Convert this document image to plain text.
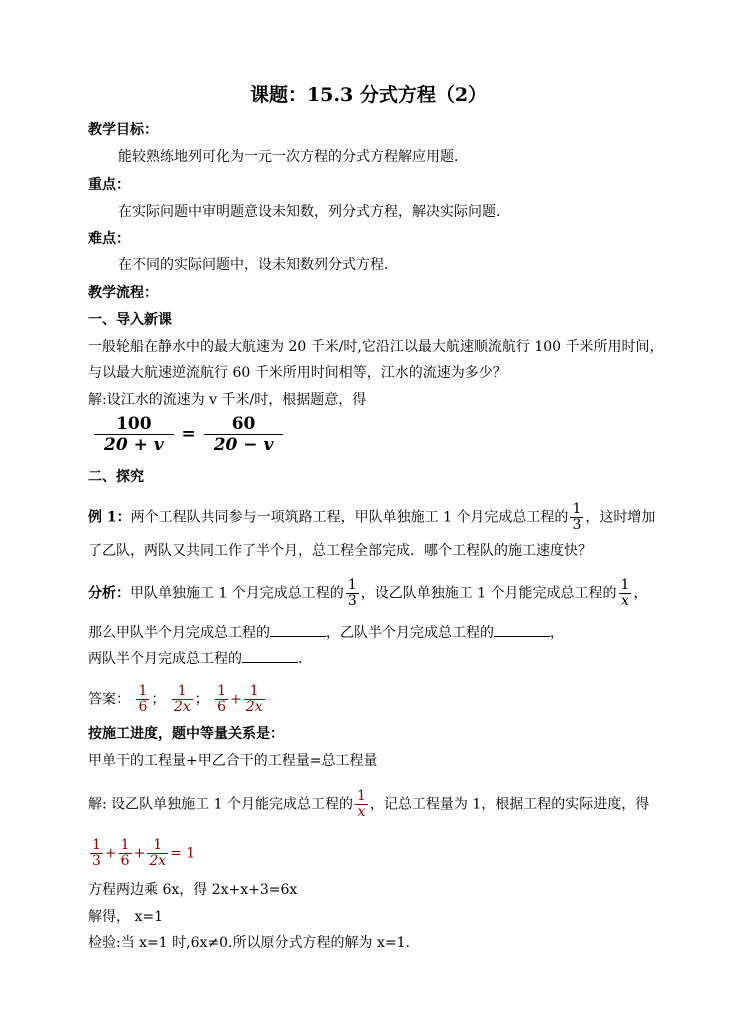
课题：15.3 分式方程（2）
教学目标：
能较熟练地列可化为一元一次方程的分式方程解应用题．
重点：
在实际问题中审明题意设未知数，列分式方程，解决实际问题．
难点：
在不同的实际问题中，设未知数列分式方程．
教学流程：
一、导入新课
一般轮船在静水中的最大航速为 20 千米/时,它沿江以最大航速顺流航行 100 千米所用时间，
与以最大航速逆流航行 60 千米所用时间相等，江水的流速为多少？
解:设江水的流速为 v 千米/时，根据题意，得
$\frac{100}{20 + v} = \frac{60}{20 - v}$
二、探究
例 1：两个工程队共同参与一项筑路工程，甲队单独施工 1 个月完成总工程的 $\frac{1}{3}$ ，这时增加
了乙队，两队又共同工作了半个月，总工程全部完成．哪个工程队的施工速度快？
分析：甲队单独施工 1 个月完成总工程的 $\frac{1}{3}$ ，设乙队单独施工 1 个月能完成总工程的 $\frac{1}{x}$ ，
那么甲队半个月完成总工程的	，乙队半个月完成总工程的	，
两队半个月完成总工程的	.
答案： $\frac{1}{6}$ ； $\frac{1}{2x}$ ； $\frac{1}{6} + \frac{1}{2x}$
按施工进度，题中等量关系是：
甲单干的工程量+甲乙合干的工程量=总工程量
解: 设乙队单独施工 1 个月能完成总工程的 $\frac{1}{x}$ ，记总工程量为 1，根据工程的实际进度，得
$\frac{1}{3} + \frac{1}{6} + \frac{1}{2x} = 1$
方程两边乘 6x，得 2x+x+3=6x
解得， x=1
检验:当 x=1 时,6x≠0.所以原分式方程的解为 x=1.
